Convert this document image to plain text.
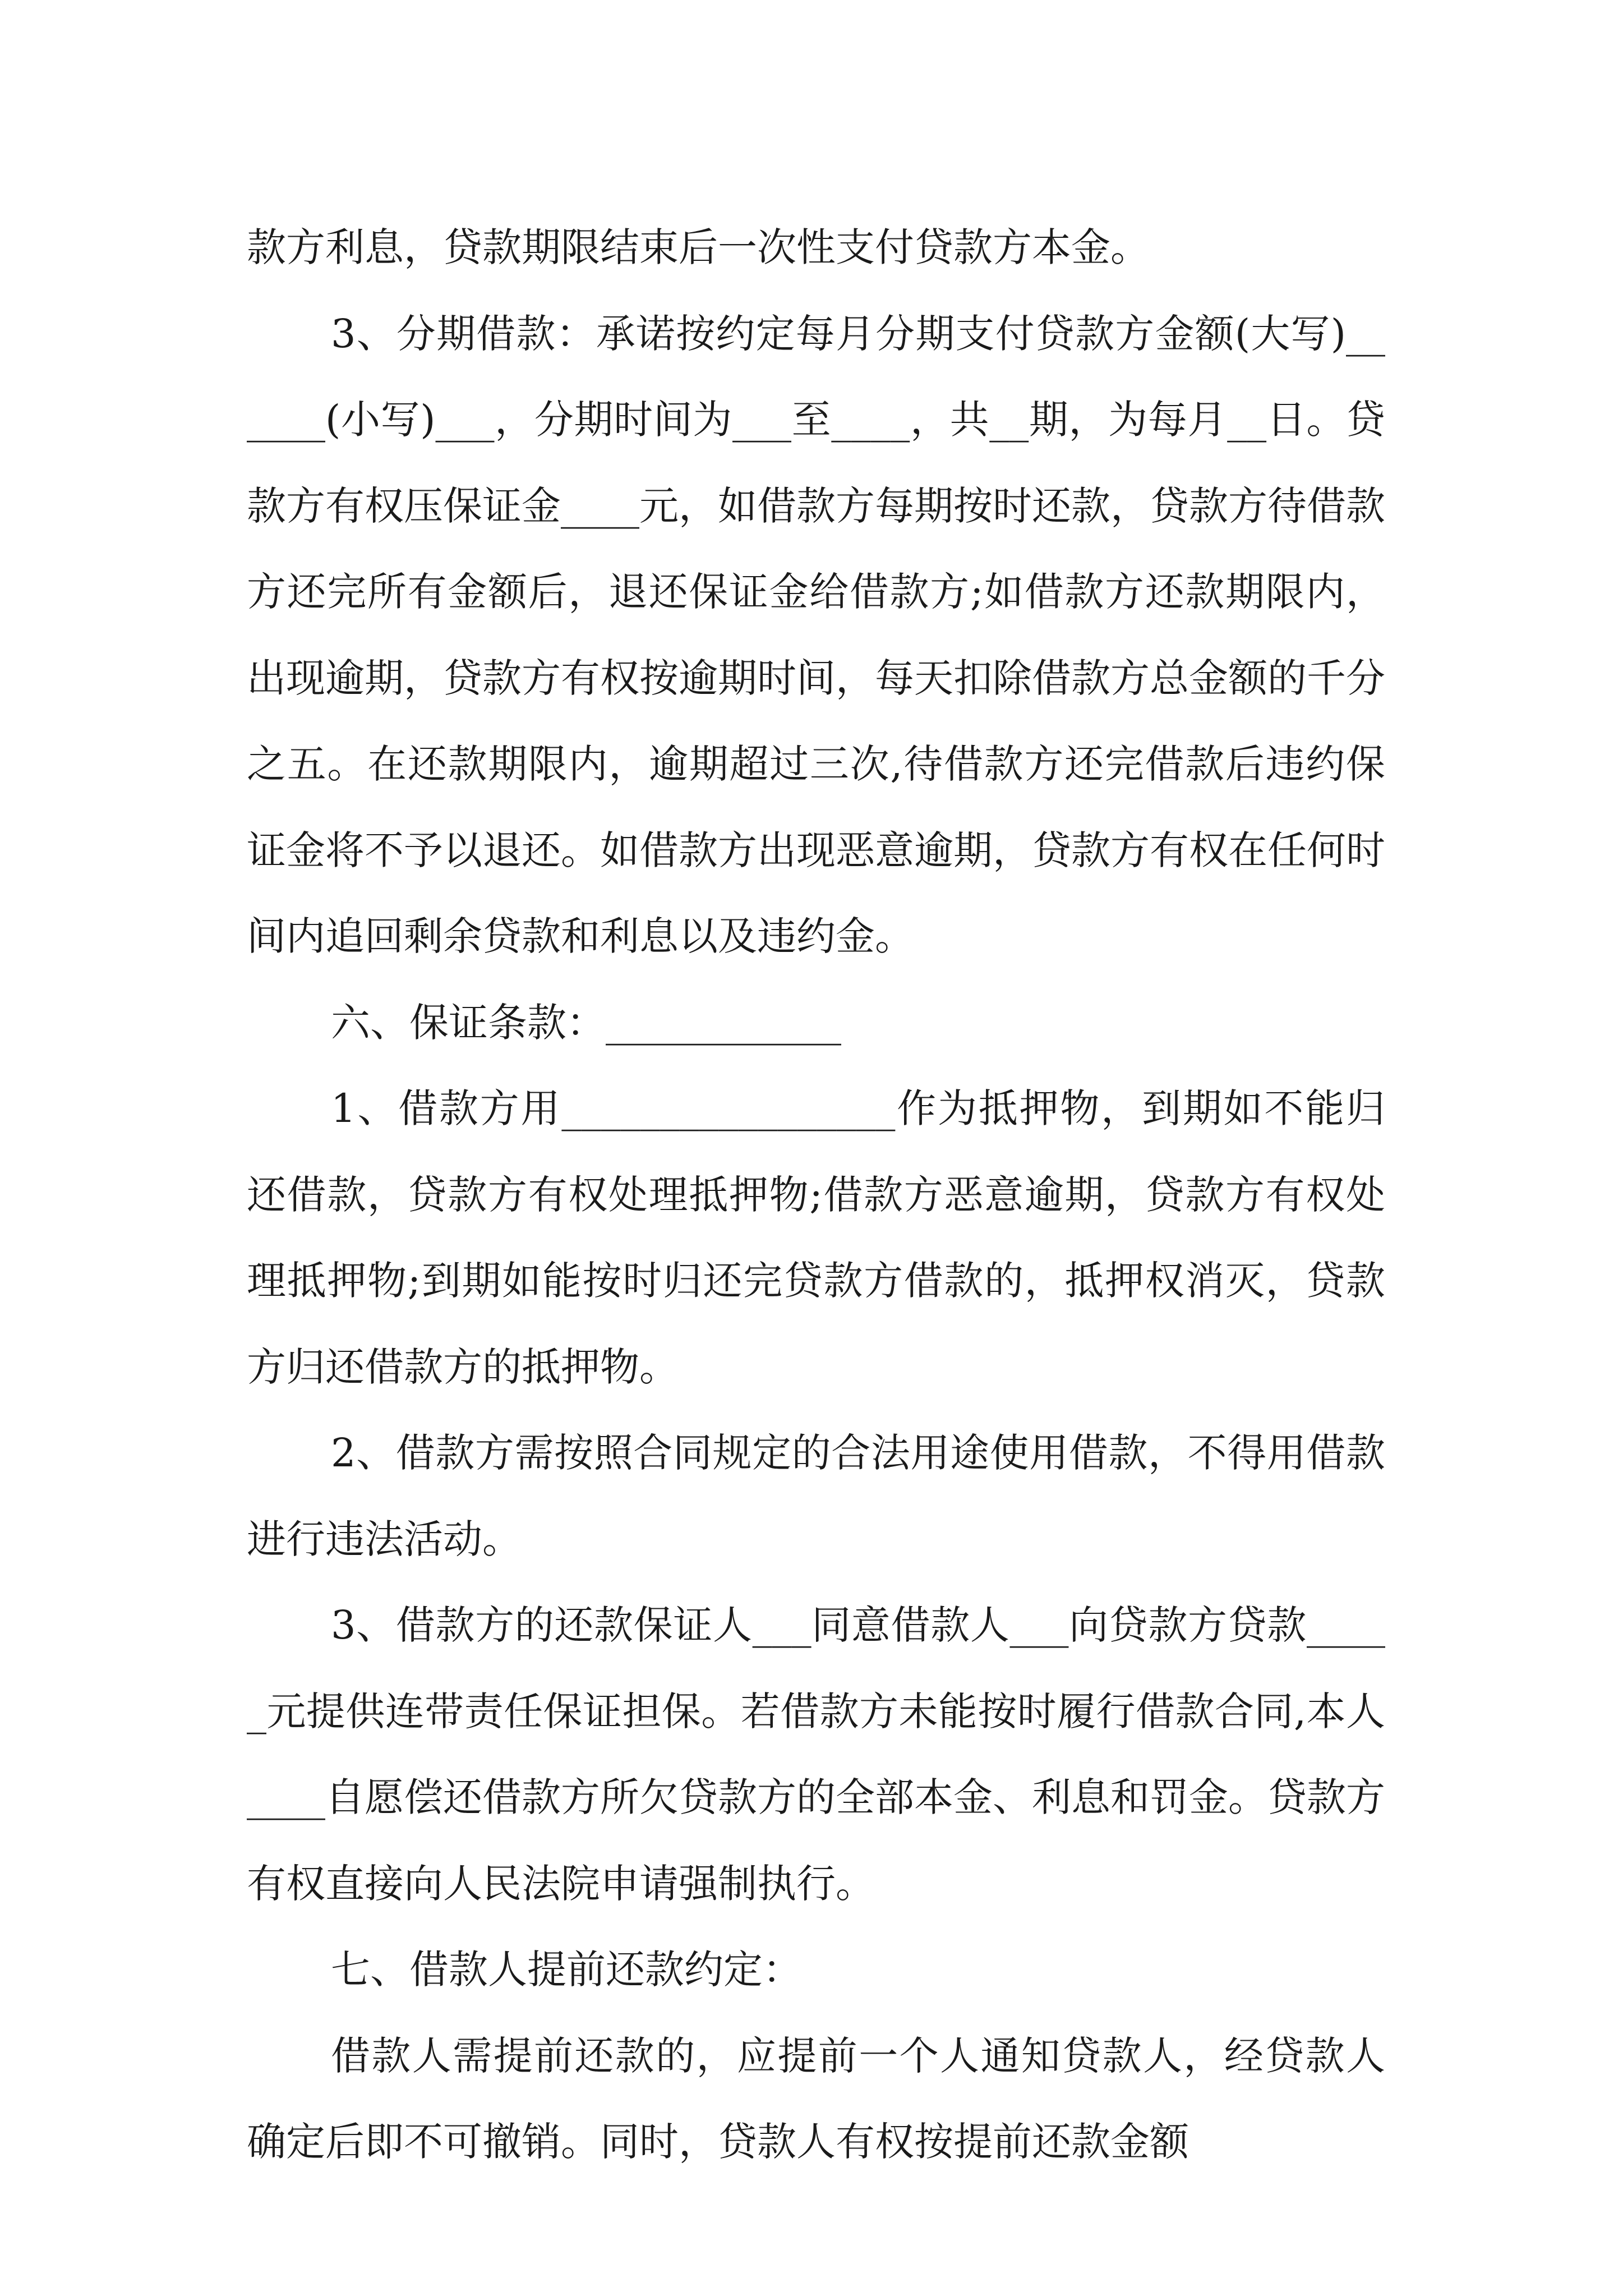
款方利息，贷款期限结束后一次性支付贷款方本金。

3、分期借款：承诺按约定每月分期支付贷款方金额(大写)______(小写)___，分期时间为___至____，共__期，为每月__日。贷款方有权压保证金____元，如借款方每期按时还款，贷款方待借款方还完所有金额后，退还保证金给借款方;如借款方还款期限内，出现逾期，贷款方有权按逾期时间，每天扣除借款方总金额的千分之五。在还款期限内，逾期超过三次,待借款方还完借款后违约保证金将不予以退还。如借款方出现恶意逾期，贷款方有权在任何时间内追回剩余贷款和利息以及违约金。

六、保证条款：____________

1、借款方用_________________作为抵押物，到期如不能归还借款，贷款方有权处理抵押物;借款方恶意逾期，贷款方有权处理抵押物;到期如能按时归还完贷款方借款的，抵押权消灭，贷款方归还借款方的抵押物。

2、借款方需按照合同规定的合法用途使用借款，不得用借款进行违法活动。

3、借款方的还款保证人___同意借款人___向贷款方贷款_____元提供连带责任保证担保。若借款方未能按时履行借款合同,本人____自愿偿还借款方所欠贷款方的全部本金、利息和罚金。贷款方有权直接向人民法院申请强制执行。

七、借款人提前还款约定：

借款人需提前还款的，应提前一个人通知贷款人，经贷款人确定后即不可撤销。同时，贷款人有权按提前还款金额
